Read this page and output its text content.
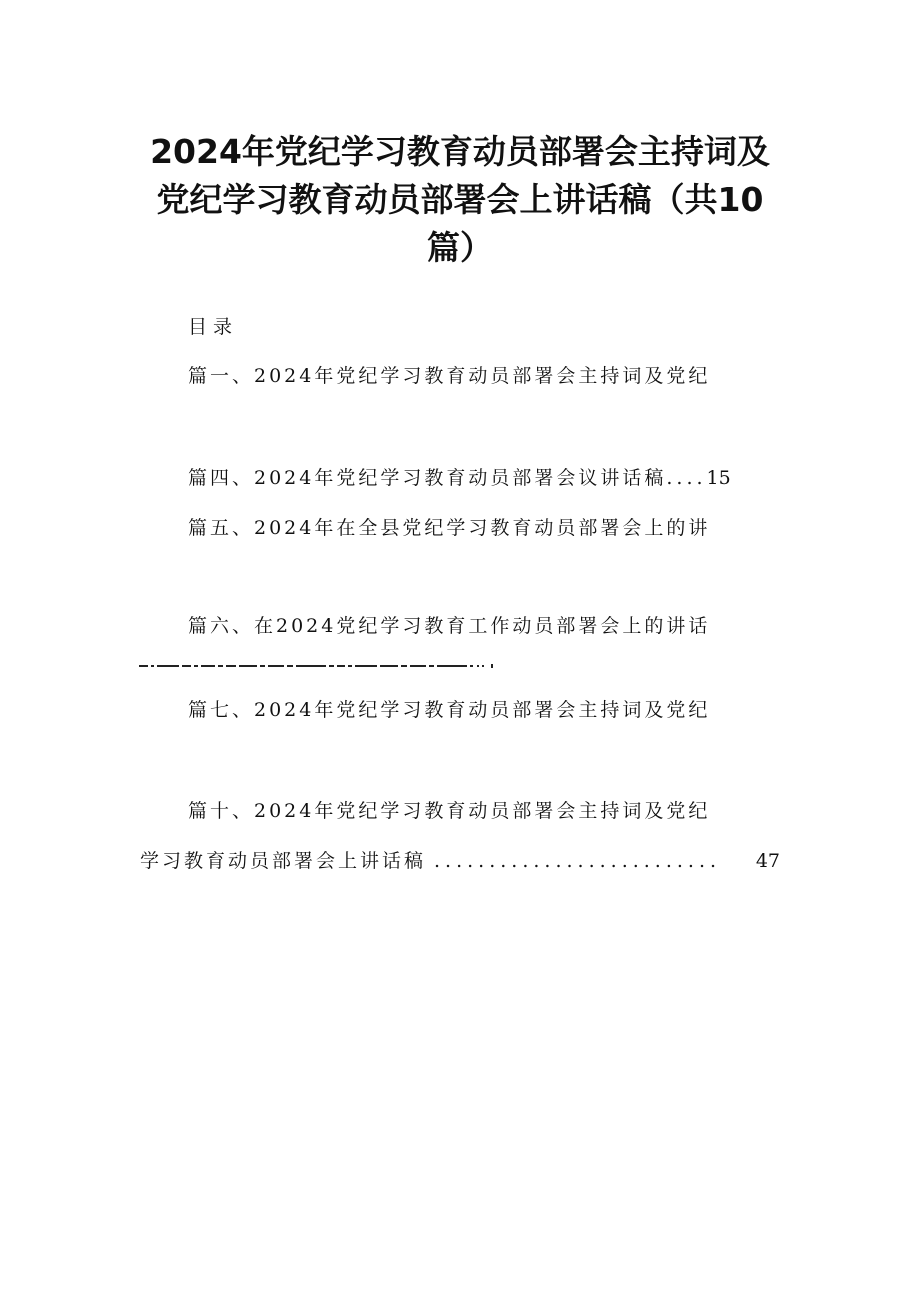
2024年党纪学习教育动员部署会主持词及
党纪学习教育动员部署会上讲话稿（共10
篇）
目录
篇一、2024年党纪学习教育动员部署会主持词及党纪
篇四、2024年党纪学习教育动员部署会议讲话稿....15
篇五、2024年在全县党纪学习教育动员部署会上的讲
篇六、在2024党纪学习教育工作动员部署会上的讲话
篇七、2024年党纪学习教育动员部署会主持词及党纪
篇十、2024年党纪学习教育动员部署会主持词及党纪
学习教育动员部署会上讲话稿 ..........................	47
